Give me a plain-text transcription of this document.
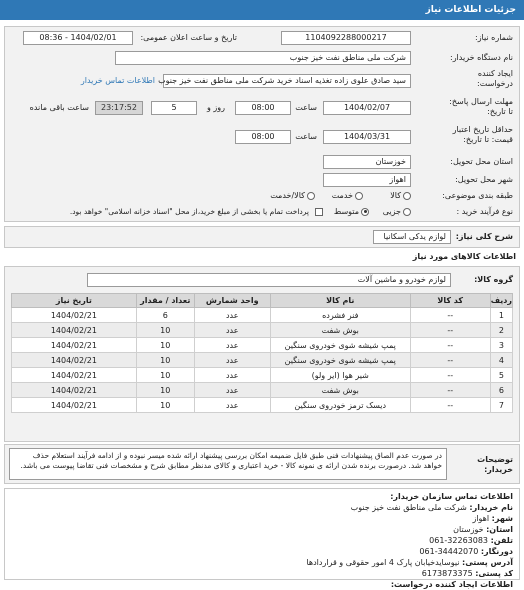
جزئیات اطلاعات نیاز
شماره نیاز:
1104092288000217
تاریخ و ساعت اعلان عمومی:
1404/02/01 - 08:36
نام دستگاه خریدار:
شرکت ملی مناطق نفت خیز جنوب
ایجاد کننده درخواست:
سید صادق علوی زاده تغذیه اسناد خرید شرکت ملی مناطق نفت خیز جنوب
اطلاعات تماس خریدار
مهلت ارسال پاسخ: تا تاریخ:
1404/02/07
ساعت
08:00
روز و
5
23:17:52
ساعت باقی مانده
حداقل تاریخ اعتبار قیمت: تا تاریخ:
1404/03/31
ساعت
08:00
استان محل تحویل:
خوزستان
شهر محل تحویل:
اهواز
طبقه بندی موضوعی:
کالا
خدمت
کالا/خدمت
نوع فرآیند خرید :
جزیی
متوسط
پرداخت تمام یا بخشی از مبلغ خرید،از محل "اسناد خزانه اسلامی" خواهد بود.
شرح کلی نیاز:
لوازم یدکی اسکانیا
اطلاعات کالاهای مورد نیاز
گروه کالا:
لوازم خودرو و ماشین آلات
ردیف	کد کالا	نام کالا	واحد شمارش	تعداد / مقدار	تاریخ نیاز
1	--	فنر فشرده	عدد	6	1404/02/21
2	--	بوش شفت	عدد	10	1404/02/21
3	--	پمپ شیشه شوی خودروی سنگین	عدد	10	1404/02/21
4	--	پمپ شیشه شوی خودروی سنگین	عدد	10	1404/02/21
5	--	شیر هوا (ایر ولو)	عدد	10	1404/02/21
6	--	بوش شفت	عدد	10	1404/02/21
7	--	دیسک ترمز خودروی سنگین	عدد	10	1404/02/21
توضیحات خریدار:
در صورت عدم الصاق پیشنهادات فنی طبق فایل ضمیمه امکان بررسی پیشنهاد ارائه شده میسر نبوده و از ادامه فرآیند استعلام حذف خواهد شد. درصورت برنده شدن ارائه ی نمونه کالا - خرید اعتباری و کالای مدنظر مطابق شرح و مشخصات فنی تقاضا پیوست می باشد.
اطلاعات تماس سازمان خریدار:
نام خریدار: شرکت ملی مناطق نفت خیز جنوب
شهر: اهواز
استان: خوزستان
تلفن: 061-32263083
دورنگار: 061-34442070
آدرس پستی: نیوسایدخیابان پارک 4 امور حقوقی و قراردادها
کد پستی: 6173873375
اطلاعات ایجاد کننده درخواست:
